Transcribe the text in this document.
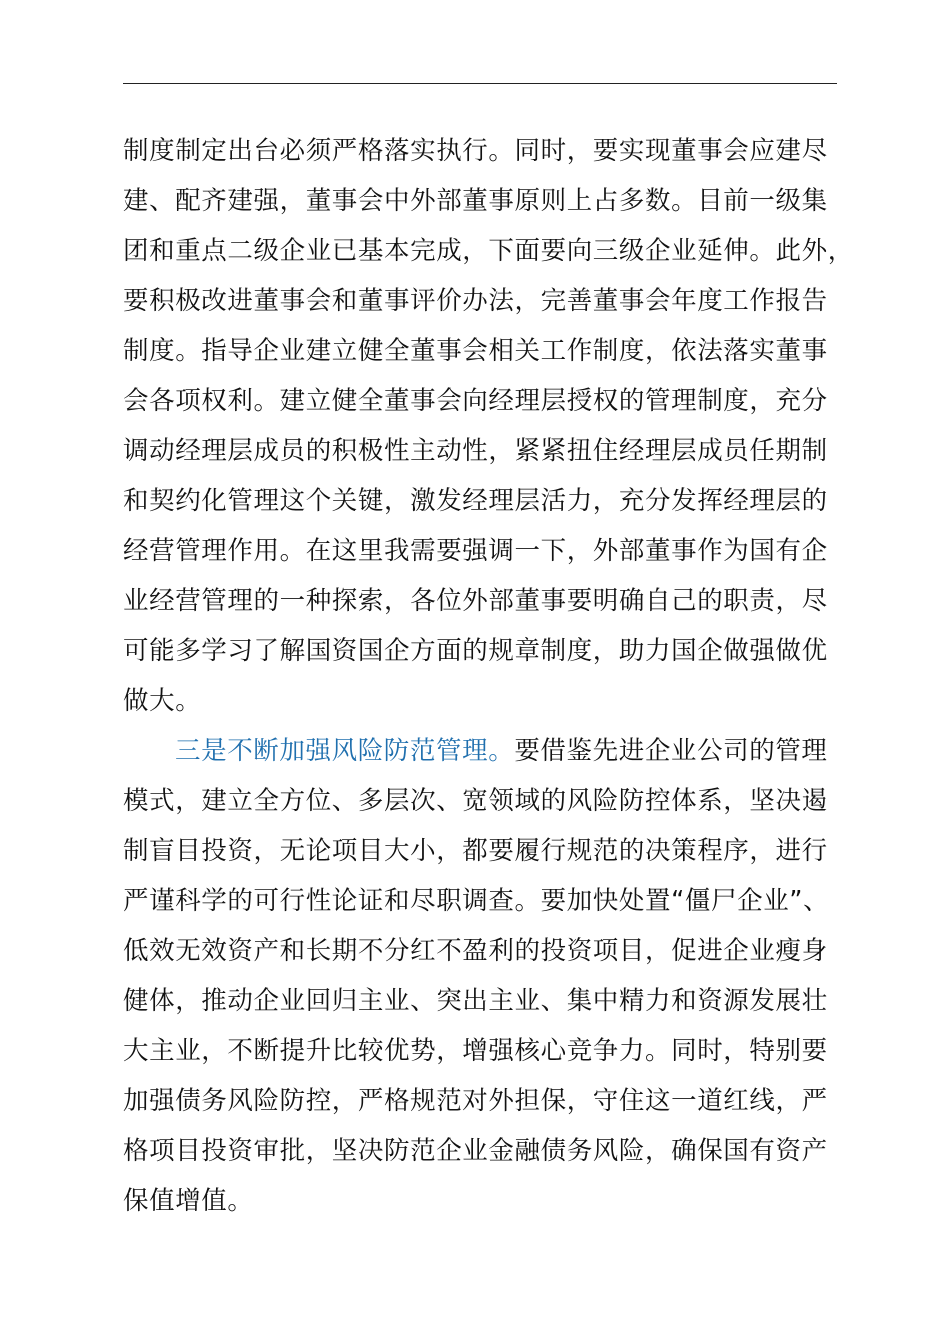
制度制定出台必须严格落实执行。同时，要实现董事会应建尽
建、配齐建强，董事会中外部董事原则上占多数。目前一级集
团和重点二级企业已基本完成，下面要向三级企业延伸。此外，
要积极改进董事会和董事评价办法，完善董事会年度工作报告
制度。指导企业建立健全董事会相关工作制度，依法落实董事
会各项权利。建立健全董事会向经理层授权的管理制度，充分
调动经理层成员的积极性主动性，紧紧扭住经理层成员任期制
和契约化管理这个关键，激发经理层活力，充分发挥经理层的
经营管理作用。在这里我需要强调一下，外部董事作为国有企
业经营管理的一种探索，各位外部董事要明确自己的职责，尽
可能多学习了解国资国企方面的规章制度，助力国企做强做优
做大。
三是不断加强风险防范管理。要借鉴先进企业公司的管理
模式，建立全方位、多层次、宽领域的风险防控体系，坚决遏
制盲目投资，无论项目大小，都要履行规范的决策程序，进行
严谨科学的可行性论证和尽职调查。要加快处置“僵尸企业”、
低效无效资产和长期不分红不盈利的投资项目，促进企业瘦身
健体，推动企业回归主业、突出主业、集中精力和资源发展壮
大主业，不断提升比较优势，增强核心竞争力。同时，特别要
加强债务风险防控，严格规范对外担保，守住这一道红线，严
格项目投资审批，坚决防范企业金融债务风险，确保国有资产
保值增值。
